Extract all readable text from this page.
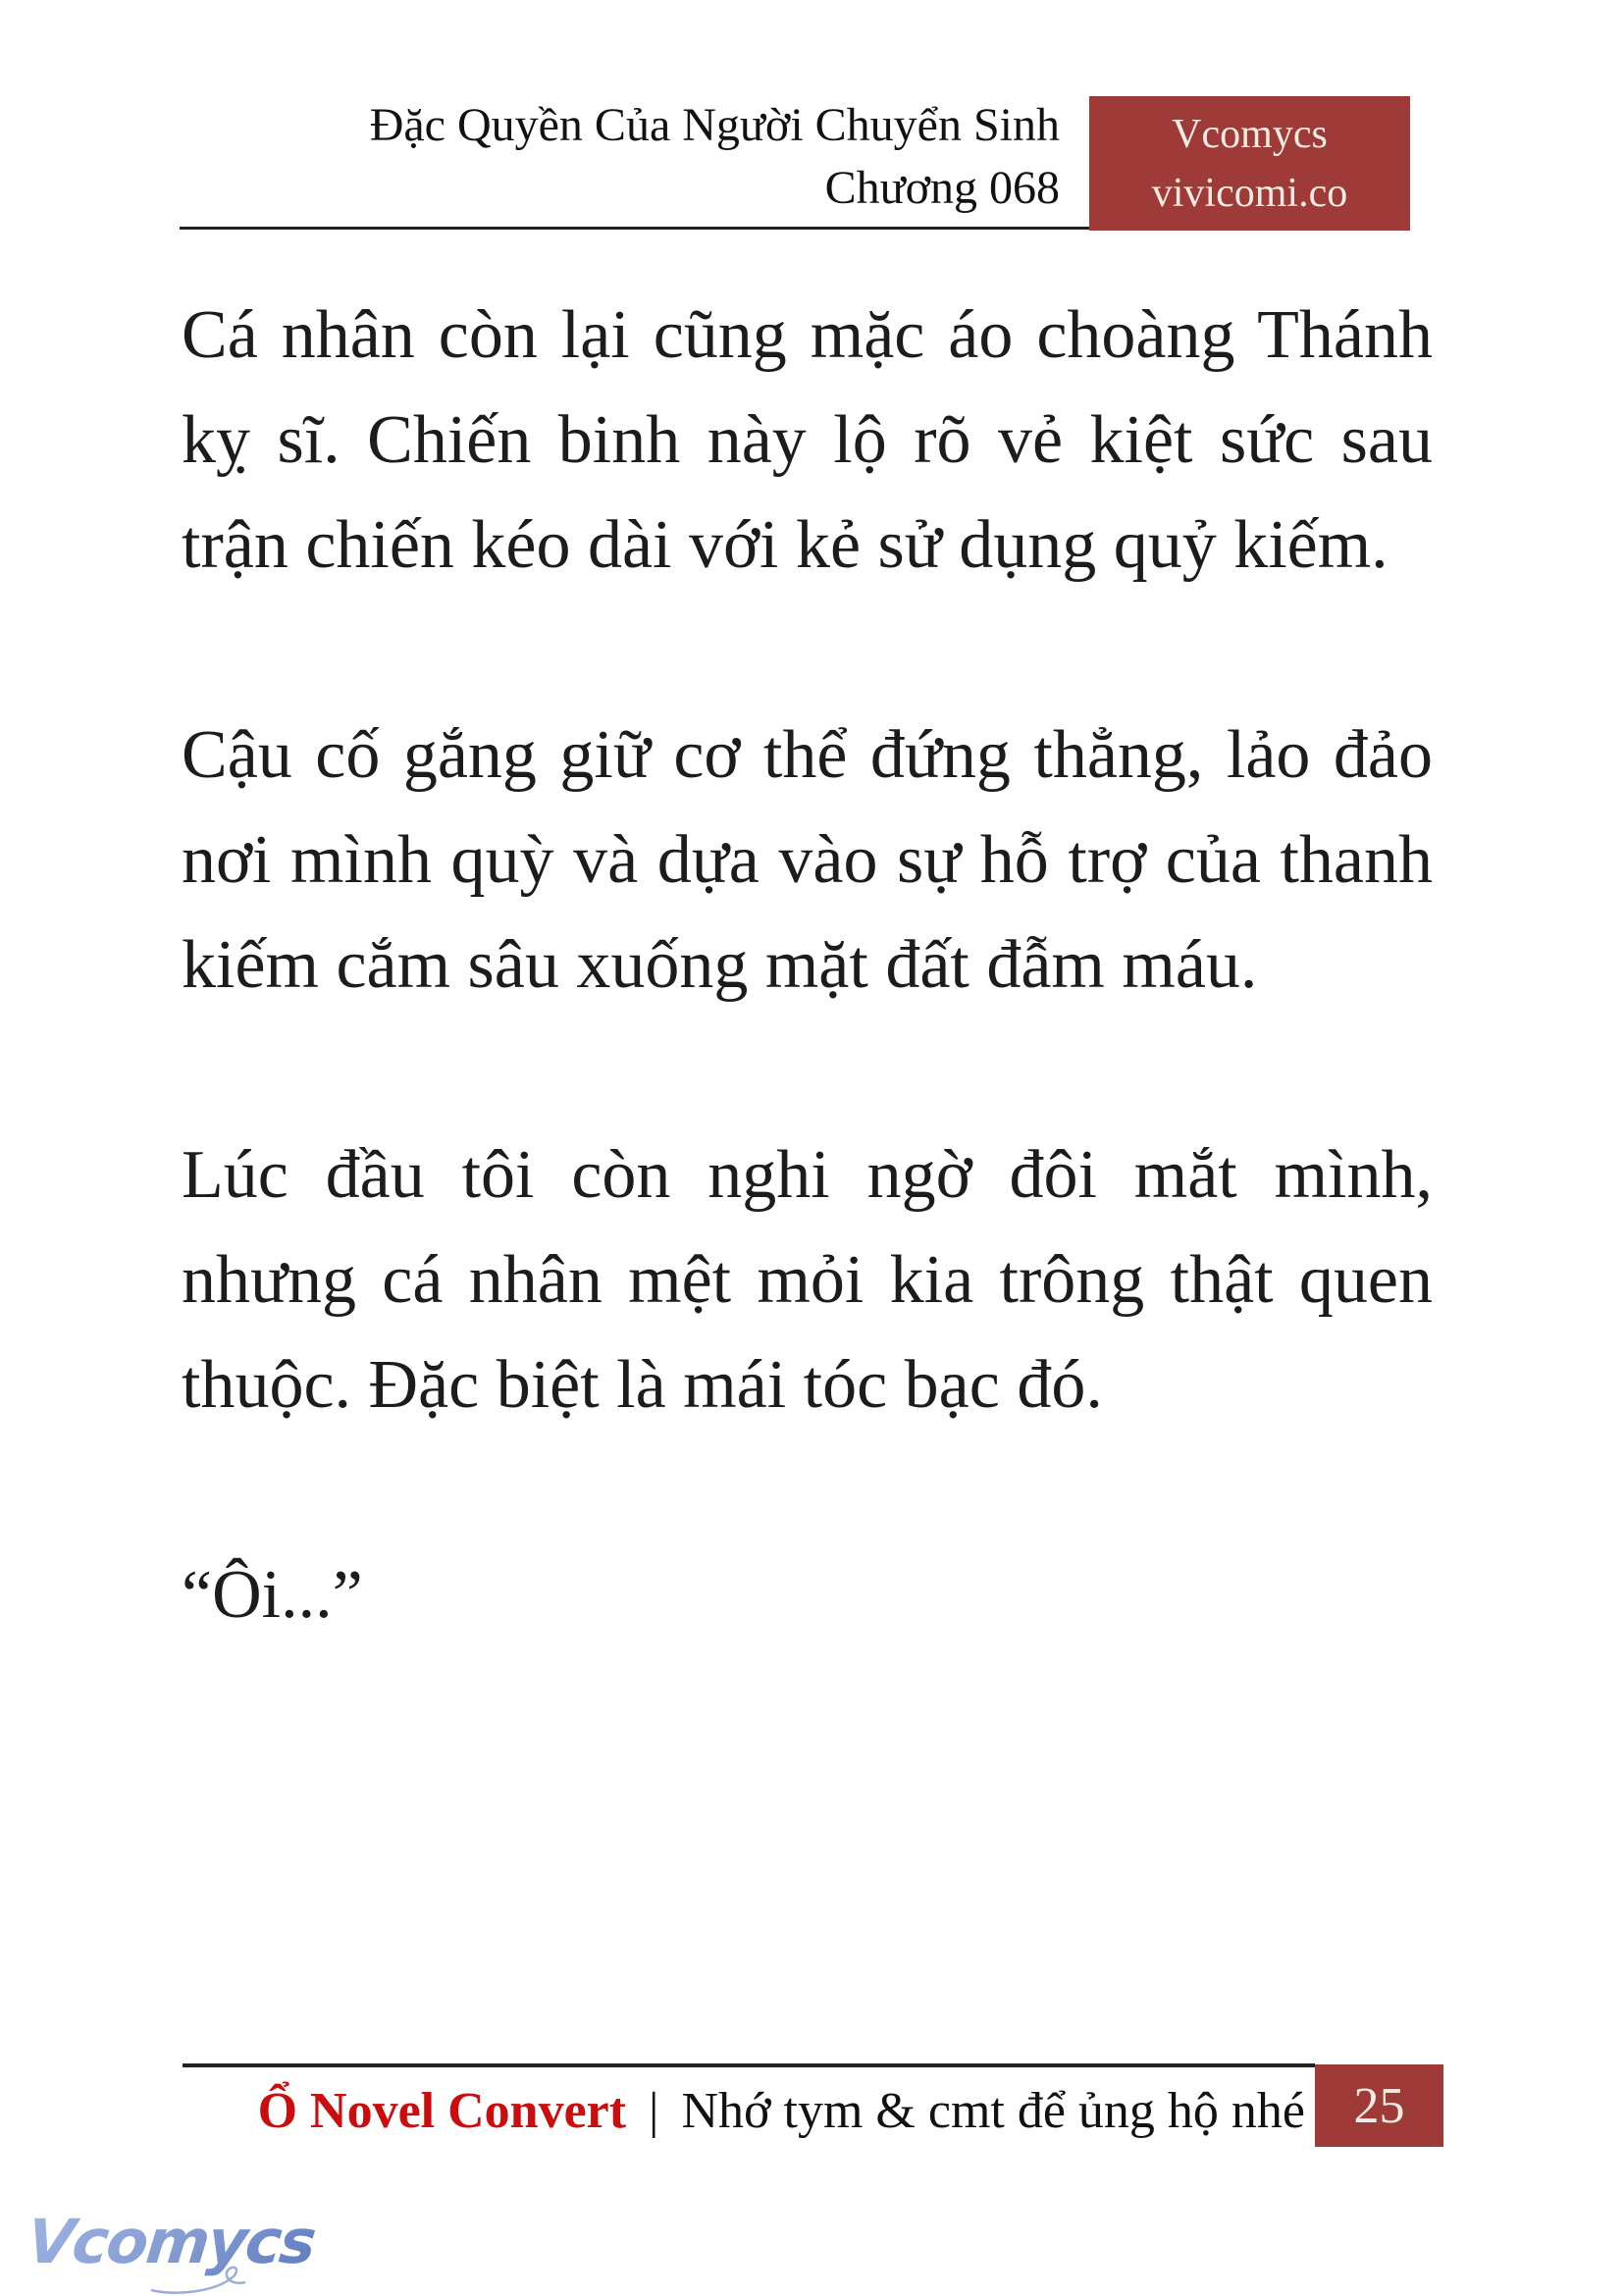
Đặc Quyền Của Người Chuyển Sinh
Chương 068
Vcomycs
vivicomi.co

Cá nhân còn lại cũng mặc áo choàng Thánh kỵ sĩ. Chiến binh này lộ rõ vẻ kiệt sức sau trận chiến kéo dài với kẻ sử dụng quỷ kiếm.

Cậu cố gắng giữ cơ thể đứng thẳng, lảo đảo nơi mình quỳ và dựa vào sự hỗ trợ của thanh kiếm cắm sâu xuống mặt đất đẫm máu.

Lúc đầu tôi còn nghi ngờ đôi mắt mình, nhưng cá nhân mệt mỏi kia trông thật quen thuộc. Đặc biệt là mái tóc bạc đó.

“Ôi...”

Ổ Novel Convert | Nhớ tym & cmt để ủng hộ nhé 25
Vcomycs
